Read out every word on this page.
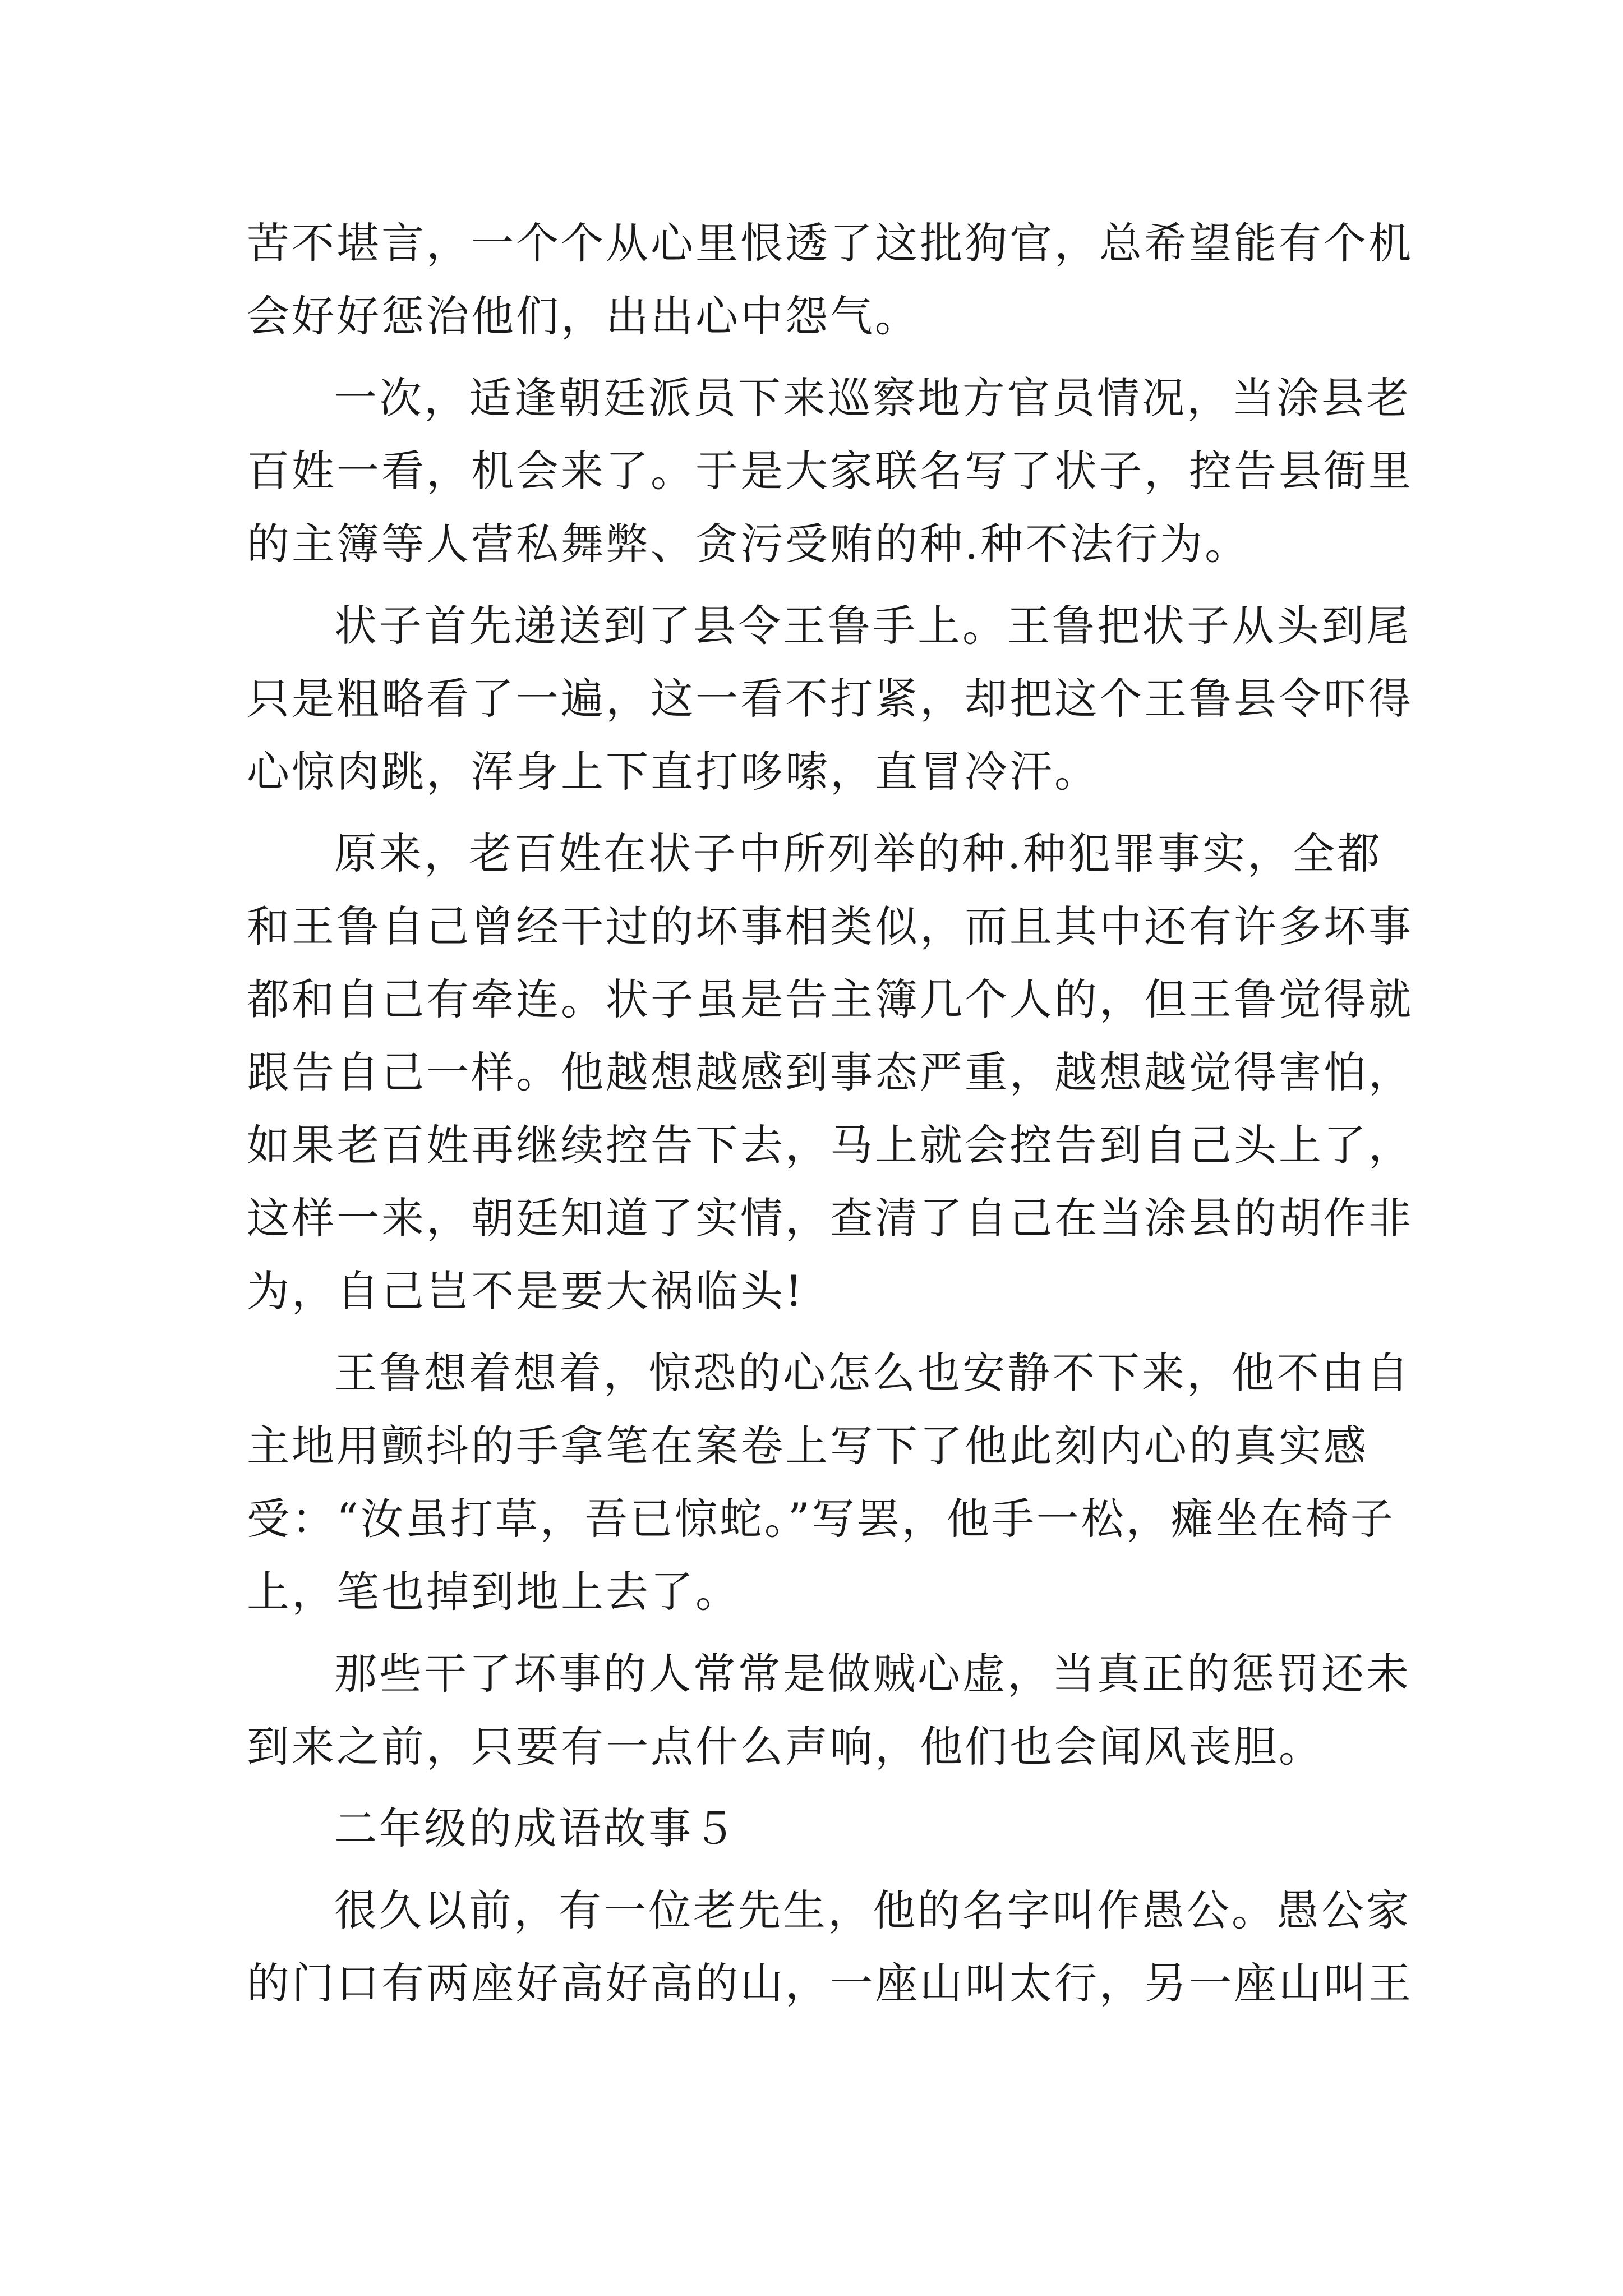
苦不堪言，一个个从心里恨透了这批狗官，总希望能有个机
会好好惩治他们，出出心中怨气。
一次，适逢朝廷派员下来巡察地方官员情况，当涂县老
百姓一看，机会来了。于是大家联名写了状子，控告县衙里
的主簿等人营私舞弊、贪污受贿的种.种不法行为。
状子首先递送到了县令王鲁手上。王鲁把状子从头到尾
只是粗略看了一遍，这一看不打紧，却把这个王鲁县令吓得
心惊肉跳，浑身上下直打哆嗦，直冒冷汗。
原来，老百姓在状子中所列举的种.种犯罪事实，全都
和王鲁自己曾经干过的坏事相类似，而且其中还有许多坏事
都和自己有牵连。状子虽是告主簿几个人的，但王鲁觉得就
跟告自己一样。他越想越感到事态严重，越想越觉得害怕，
如果老百姓再继续控告下去，马上就会控告到自己头上了，
这样一来，朝廷知道了实情，查清了自己在当涂县的胡作非
为，自己岂不是要大祸临头!
王鲁想着想着，惊恐的心怎么也安静不下来，他不由自
主地用颤抖的手拿笔在案卷上写下了他此刻内心的真实感
受：“汝虽打草，吾已惊蛇。”写罢，他手一松，瘫坐在椅子
上，笔也掉到地上去了。
那些干了坏事的人常常是做贼心虚，当真正的惩罚还未
到来之前，只要有一点什么声响，他们也会闻风丧胆。
二年级的成语故事５
很久以前，有一位老先生，他的名字叫作愚公。愚公家
的门口有两座好高好高的山，一座山叫太行，另一座山叫王
